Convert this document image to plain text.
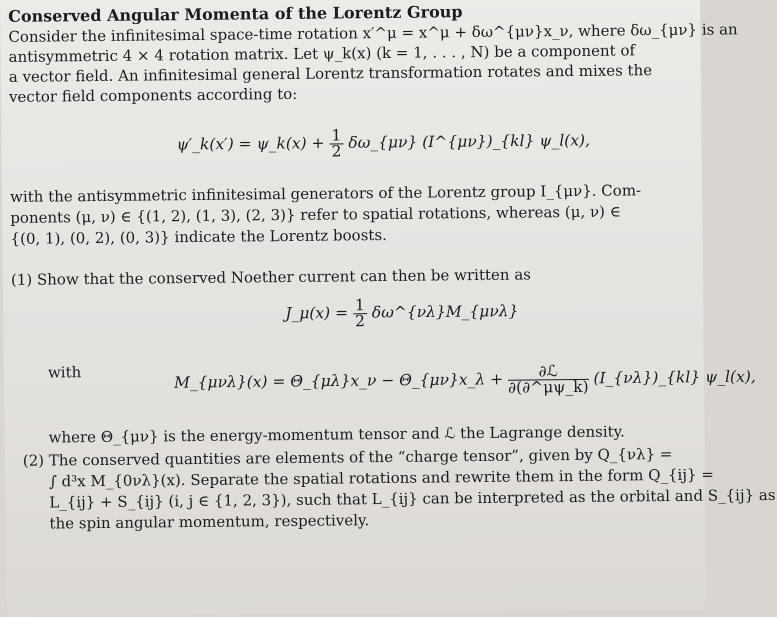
Conserved Angular Momenta of the Lorentz Group
Consider the infinitesimal space-time rotation x′^μ = x^μ + δω^{μν}x_ν, where δω_{μν} is an
antisymmetric 4 × 4 rotation matrix. Let ψ_k(x) (k = 1, . . . , N) be a component of
a vector field. An infinitesimal general Lorentz transformation rotates and mixes the
vector field components according to:
ψ′_k(x′) = ψ_k(x) + $\frac{1}{2}$ δω_{μν} (I^{μν})_{kl} ψ_l(x),
with the antisymmetric infinitesimal generators of the Lorentz group I_{μν}. Com-
ponents (μ, ν) ∈ {(1, 2), (1, 3), (2, 3)} refer to spatial rotations, whereas (μ, ν) ∈
{(0, 1), (0, 2), (0, 3)} indicate the Lorentz boosts.
(1) Show that the conserved Noether current can then be written as
J_μ(x) = $\frac{1}{2}$ δω^{νλ}M_{μνλ}
with	M_{μνλ}(x) = Θ_{μλ}x_ν − Θ_{μν}x_λ + $\frac{\text{∂ℒ}}{\partial(\partial\^{}\mu\psi\_k)}$ (I_{νλ})_{kl} ψ_l(x),
where Θ_{μν} is the energy-momentum tensor and ℒ the Lagrange density.
(2) The conserved quantities are elements of the “charge tensor”, given by Q_{νλ} =
∫ d³x M_{0νλ}(x). Separate the spatial rotations and rewrite them in the form Q_{ij} =
L_{ij} + S_{ij} (i, j ∈ {1, 2, 3}), such that L_{ij} can be interpreted as the orbital and S_{ij} as
the spin angular momentum, respectively.
